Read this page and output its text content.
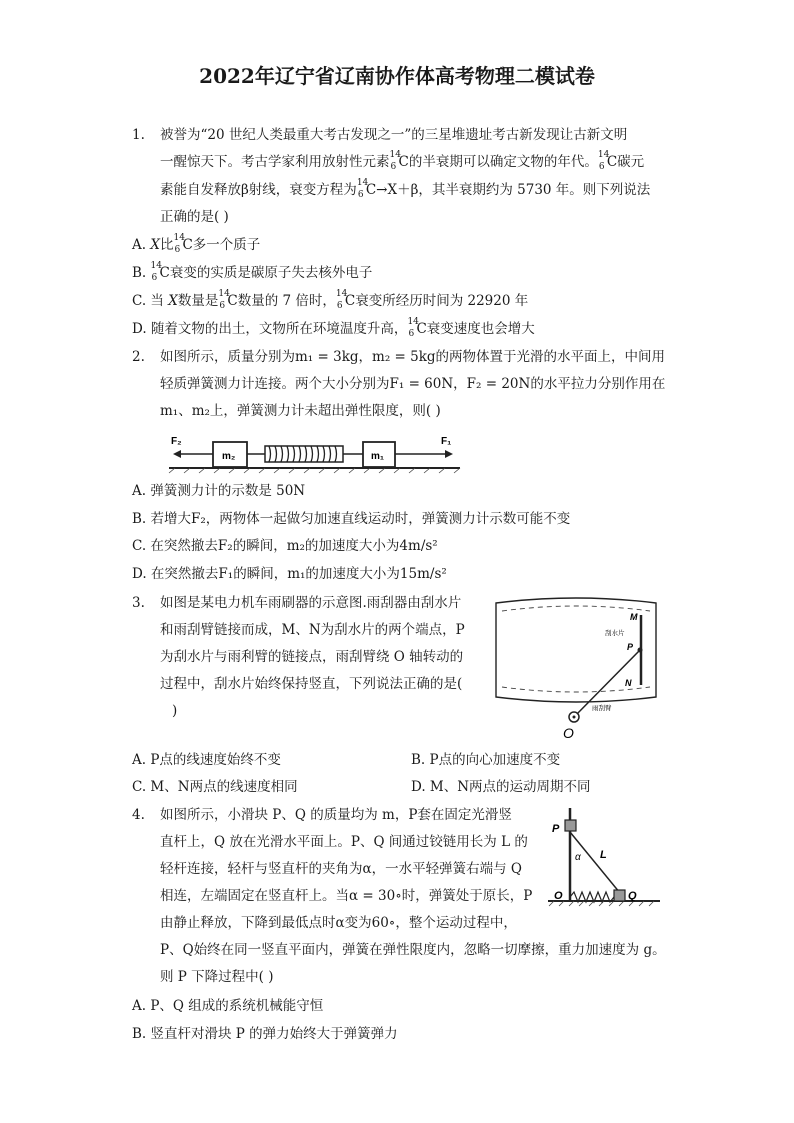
2022年辽宁省辽南协作体高考物理二模试卷
1. 被誉为“20 世纪人类最重大考古发现之一”的三星堆遗址考古新发现让古新文明
一醒惊天下。考古学家利用放射性元素 14
6 C的半衰期可以确定文物的年代。 14
6 C碳元
素能自发释放β射线，衰变方程为 14
6 C→X＋β，其半衰期约为 5730 年。则下列说法
正确的是( )
A. X比 14
6 C多一个质子
B. 14
6 C衰变的实质是碳原子失去核外电子
C. 当 X数量是 14
6 C数量的 7 倍时， 14
6 C衰变所经历时间为 22920 年
D. 随着文物的出土，文物所在环境温度升高， 14
6 C衰变速度也会增大
2. 如图所示，质量分别为m₁ = 3kg，m₂ = 5kg的两物体置于光滑的水平面上，中间用
轻质弹簧测力计连接。两个大小分别为F₁ = 60N，F₂ = 20N的水平拉力分别作用在
m₁、m₂上，弹簧测力计未超出弹性限度，则( )
F₂
m₂	m₁
F₁
A. 弹簧测力计的示数是 50N
B. 若增大F₂，两物体一起做匀加速直线运动时，弹簧测力计示数可能不变
C. 在突然撤去F₂的瞬间，m₂的加速度大小为4m/s²
D. 在突然撤去F₁的瞬间，m₁的加速度大小为15m/s²
3. 如图是某电力机车雨刷器的示意图.雨刮器由刮水片
和雨刮臂链接而成，M、N为刮水片的两个端点，P
为刮水片与雨利臂的链接点，雨刮臂绕 O 轴转动的
过程中，刮水片始终保持竖直，下列说法正确的是(
)
M
刮水片
P
N
雨刮臂
O
A. P点的线速度始终不变	B. P点的向心加速度不变
C. M、N两点的线速度相同	D. M、N两点的运动周期不同
P
α L
Q
O
4. 如图所示，小滑块 P、Q 的质量均为 m，P套在固定光滑竖
直杆上，Q 放在光滑水平面上。P、Q 间通过铰链用长为 L 的
轻杆连接，轻杆与竖直杆的夹角为α，一水平轻弹簧右端与 Q
相连，左端固定在竖直杆上。当α = 30∘时，弹簧处于原长，P
由静止释放，下降到最低点时α变为60∘，整个运动过程中，
P、Q始终在同一竖直平面内，弹簧在弹性限度内，忽略一切摩擦，重力加速度为 g。
则 P 下降过程中( )
A. P、Q 组成的系统机械能守恒
B. 竖直杆对滑块 P 的弹力始终大于弹簧弹力
